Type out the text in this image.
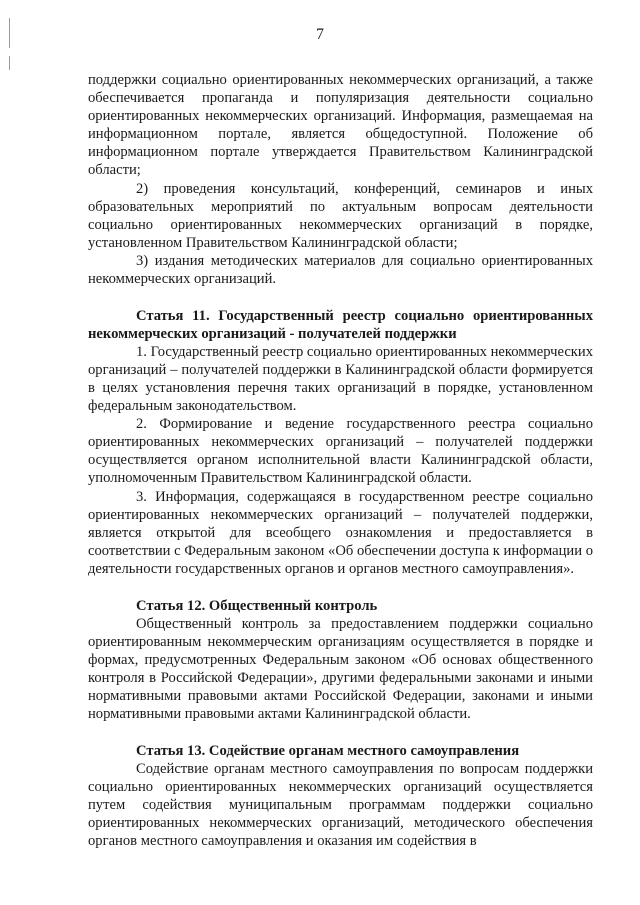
7

поддержки социально ориентированных некоммерческих организаций, а также обеспечивается пропаганда и популяризация деятельности социально ориентированных некоммерческих организаций. Информация, размещаемая на информационном портале, является общедоступной. Положение об информационном портале утверждается Правительством Калининградской области;

2) проведения консультаций, конференций, семинаров и иных образовательных мероприятий по актуальным вопросам деятельности социально ориентированных некоммерческих организаций в порядке, установленном Правительством Калининградской области;

3) издания методических материалов для социально ориентированных некоммерческих организаций.

Статья 11. Государственный реестр социально ориентированных некоммерческих организаций - получателей поддержки

1. Государственный реестр социально ориентированных некоммерческих организаций – получателей поддержки в Калининградской области формируется в целях установления перечня таких организаций в порядке, установленном федеральным законодательством.

2. Формирование и ведение государственного реестра социально ориентированных некоммерческих организаций – получателей поддержки осуществляется органом исполнительной власти Калининградской области, уполномоченным Правительством Калининградской области.

3. Информация, содержащаяся в государственном реестре социально ориентированных некоммерческих организаций – получателей поддержки, является открытой для всеобщего ознакомления и предоставляется в соответствии с Федеральным законом «Об обеспечении доступа к информации о деятельности государственных органов и органов местного самоуправления».

Статья 12. Общественный контроль

Общественный контроль за предоставлением поддержки социально ориентированным некоммерческим организациям осуществляется в порядке и формах, предусмотренных Федеральным законом «Об основах общественного контроля в Российской Федерации», другими федеральными законами и иными нормативными правовыми актами Российской Федерации, законами и иными нормативными правовыми актами Калининградской области.

Статья 13. Содействие органам местного самоуправления

Содействие органам местного самоуправления по вопросам поддержки социально ориентированных некоммерческих организаций осуществляется путем содействия муниципальным программам поддержки социально ориентированных некоммерческих организаций, методического обеспечения органов местного самоуправления и оказания им содействия в
